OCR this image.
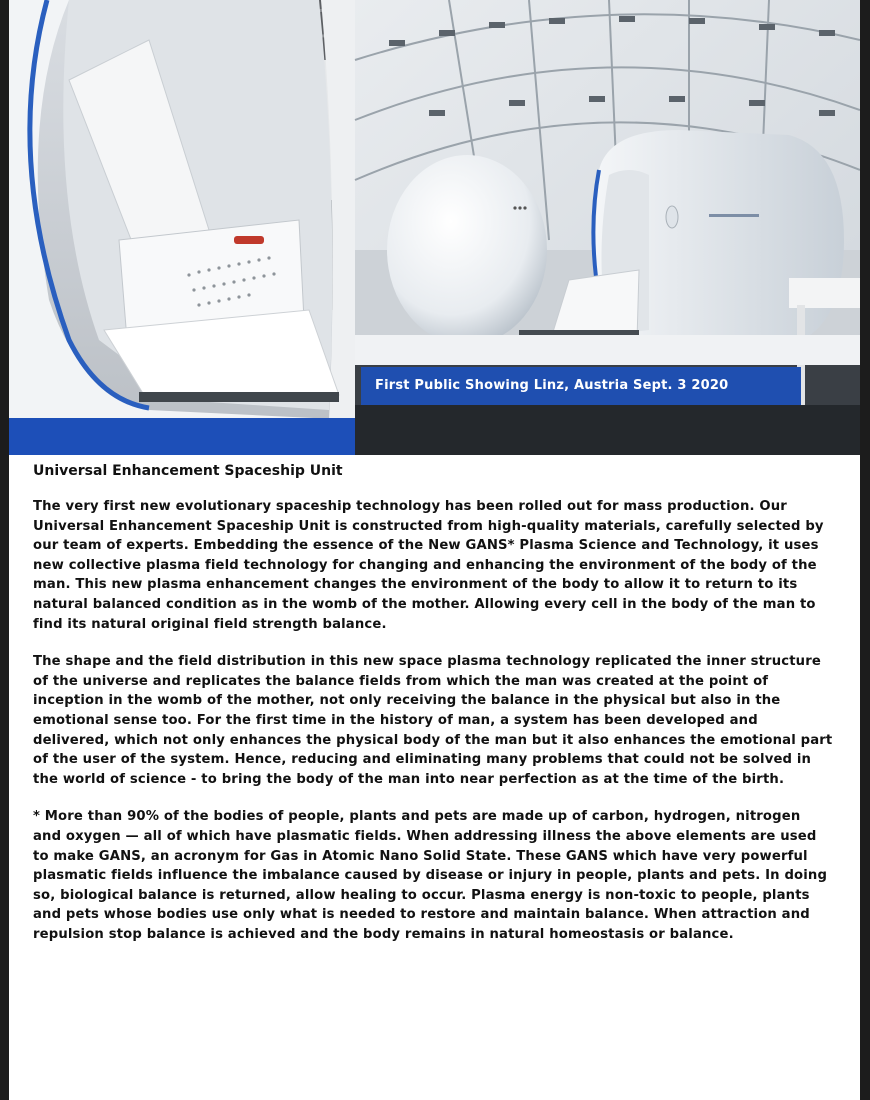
First Public Showing Linz, Austria Sept. 3 2020
Universal Enhancement Spaceship Unit

The very first new evolutionary spaceship technology has been rolled out for mass production. Our Universal Enhancement Spaceship Unit is constructed from high-quality materials, carefully selected by our team of experts. Embedding the essence of the New GANS* Plasma Science and Technology, it uses new collective plasma field technology for changing and enhancing the environment of the body of the man. This new plasma enhancement changes the environment of the body to allow it to return to its natural balanced condition as in the womb of the mother. Allowing every cell in the body of the man to find its natural original field strength balance.

The shape and the field distribution in this new space plasma technology replicated the inner structure of the universe and replicates the balance fields from which the man was created at the point of inception in the womb of the mother, not only receiving the balance in the physical but also in the emotional sense too. For the first time in the history of man, a system has been developed and delivered, which not only enhances the physical body of the man but it also enhances the emotional part of the user of the system. Hence, reducing and eliminating many problems that could not be solved in the world of science - to bring the body of the man into near perfection as at the time of the birth.

* More than 90% of the bodies of people, plants and pets are made up of carbon, hydrogen, nitrogen and oxygen — all of which have plasmatic fields. When addressing illness the above elements are used to make GANS, an acronym for Gas in Atomic Nano Solid State. These GANS which have very powerful plasmatic fields influence the imbalance caused by disease or injury in people, plants and pets. In doing so, biological balance is returned, allow healing to occur. Plasma energy is non-toxic to people, plants and pets whose bodies use only what is needed to restore and maintain balance. When attraction and repulsion stop balance is achieved and the body remains in natural homeostasis or balance.
